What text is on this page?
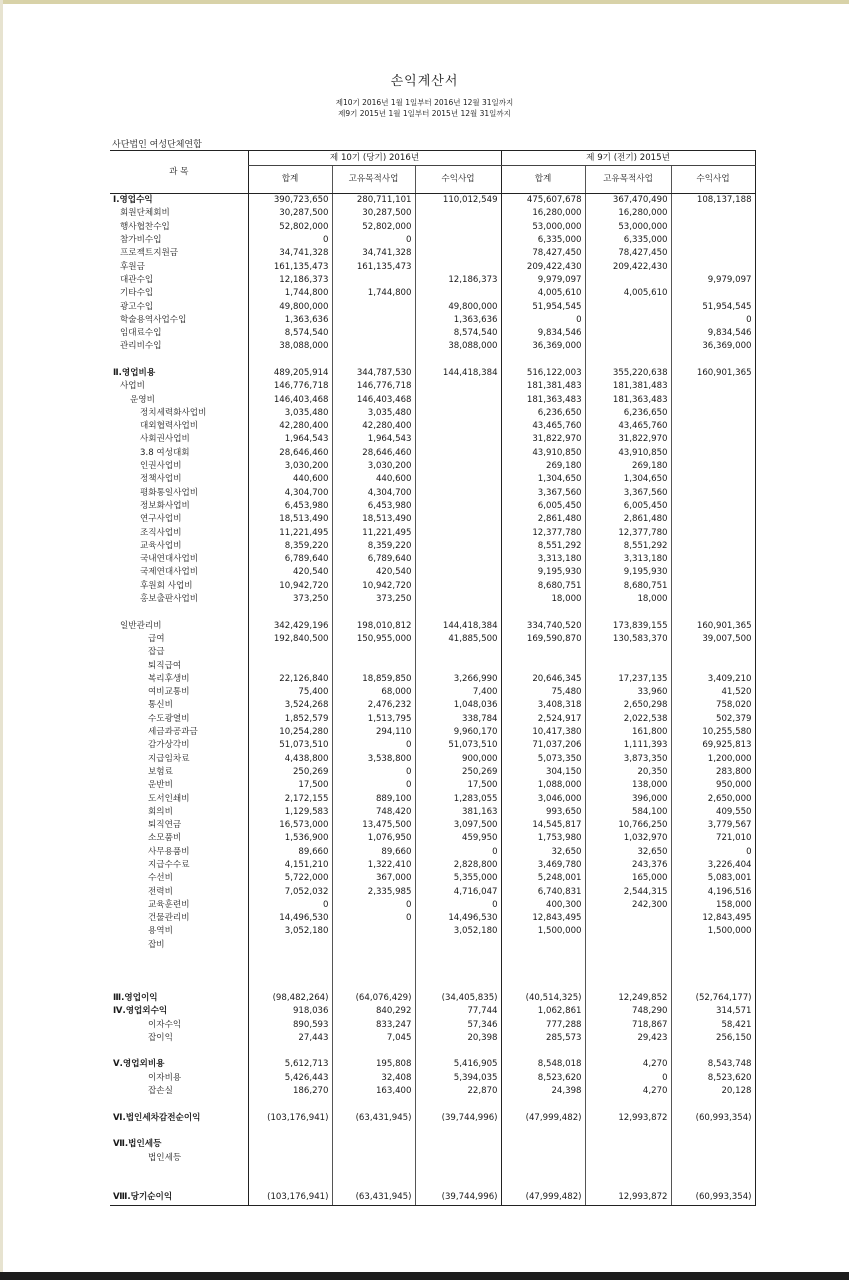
손익계산서
제10기 2016년 1월 1일부터 2016년 12월 31일까지
제9기 2015년 1월 1일부터 2015년 12월 31일까지
사단법인 여성단체연합
과 목	제 10기 (당기) 2016년			제 9기 (전기) 2015년		
	합계	고유목적사업	수익사업	합계	고유목적사업	수익사업
Ⅰ.영업수익	390,723,650	280,711,101	110,012,549	475,607,678	367,470,490	108,137,188
회원단체회비	30,287,500	30,287,500		16,280,000	16,280,000	
행사협찬수입	52,802,000	52,802,000		53,000,000	53,000,000	
참가비수입	0	0		6,335,000	6,335,000	
프로젝트지원금	34,741,328	34,741,328		78,427,450	78,427,450	
후원금	161,135,473	161,135,473		209,422,430	209,422,430	
대관수입	12,186,373		12,186,373	9,979,097		9,979,097
기타수입	1,744,800	1,744,800		4,005,610	4,005,610	
광고수입	49,800,000		49,800,000	51,954,545		51,954,545
학술용역사업수입	1,363,636		1,363,636	0		0
임대료수입	8,574,540		8,574,540	9,834,546		9,834,546
관리비수입	38,088,000		38,088,000	36,369,000		36,369,000

Ⅱ.영업비용	489,205,914	344,787,530	144,418,384	516,122,003	355,220,638	160,901,365
사업비	146,776,718	146,776,718		181,381,483	181,381,483	
운영비	146,403,468	146,403,468		181,363,483	181,363,483	
정치세력화사업비	3,035,480	3,035,480		6,236,650	6,236,650	
대외협력사업비	42,280,400	42,280,400		43,465,760	43,465,760	
사회권사업비	1,964,543	1,964,543		31,822,970	31,822,970	
3.8 여성대회	28,646,460	28,646,460		43,910,850	43,910,850	
인권사업비	3,030,200	3,030,200		269,180	269,180	
정책사업비	440,600	440,600		1,304,650	1,304,650	
평화통일사업비	4,304,700	4,304,700		3,367,560	3,367,560	
정보화사업비	6,453,980	6,453,980		6,005,450	6,005,450	
연구사업비	18,513,490	18,513,490		2,861,480	2,861,480	
조직사업비	11,221,495	11,221,495		12,377,780	12,377,780	
교육사업비	8,359,220	8,359,220		8,551,292	8,551,292	
국내연대사업비	6,789,640	6,789,640		3,313,180	3,313,180	
국제연대사업비	420,540	420,540		9,195,930	9,195,930	
후원회 사업비	10,942,720	10,942,720		8,680,751	8,680,751	
홍보출판사업비	373,250	373,250		18,000	18,000	

일반관리비	342,429,196	198,010,812	144,418,384	334,740,520	173,839,155	160,901,365
급여	192,840,500	150,955,000	41,885,500	169,590,870	130,583,370	39,007,500
잡급						
퇴직급여						
복리후생비	22,126,840	18,859,850	3,266,990	20,646,345	17,237,135	3,409,210
여비교통비	75,400	68,000	7,400	75,480	33,960	41,520
통신비	3,524,268	2,476,232	1,048,036	3,408,318	2,650,298	758,020
수도광열비	1,852,579	1,513,795	338,784	2,524,917	2,022,538	502,379
세금과공과금	10,254,280	294,110	9,960,170	10,417,380	161,800	10,255,580
감가상각비	51,073,510	0	51,073,510	71,037,206	1,111,393	69,925,813
지급임차료	4,438,800	3,538,800	900,000	5,073,350	3,873,350	1,200,000
보험료	250,269	0	250,269	304,150	20,350	283,800
운반비	17,500	0	17,500	1,088,000	138,000	950,000
도서인쇄비	2,172,155	889,100	1,283,055	3,046,000	396,000	2,650,000
회의비	1,129,583	748,420	381,163	993,650	584,100	409,550
퇴직연금	16,573,000	13,475,500	3,097,500	14,545,817	10,766,250	3,779,567
소모품비	1,536,900	1,076,950	459,950	1,753,980	1,032,970	721,010
사무용품비	89,660	89,660	0	32,650	32,650	0
지급수수료	4,151,210	1,322,410	2,828,800	3,469,780	243,376	3,226,404
수선비	5,722,000	367,000	5,355,000	5,248,001	165,000	5,083,001
전력비	7,052,032	2,335,985	4,716,047	6,740,831	2,544,315	4,196,516
교육훈련비	0	0	0	400,300	242,300	158,000
건물관리비	14,496,530	0	14,496,530	12,843,495		12,843,495
용역비	3,052,180		3,052,180	1,500,000		1,500,000
잡비						

Ⅲ.영업이익	(98,482,264)	(64,076,429)	(34,405,835)	(40,514,325)	12,249,852	(52,764,177)
Ⅳ.영업외수익	918,036	840,292	77,744	1,062,861	748,290	314,571
이자수익	890,593	833,247	57,346	777,288	718,867	58,421
잡이익	27,443	7,045	20,398	285,573	29,423	256,150

Ⅴ.영업외비용	5,612,713	195,808	5,416,905	8,548,018	4,270	8,543,748
이자비용	5,426,443	32,408	5,394,035	8,523,620	0	8,523,620
잡손실	186,270	163,400	22,870	24,398	4,270	20,128

Ⅵ.법인세차감전순이익	(103,176,941)	(63,431,945)	(39,744,996)	(47,999,482)	12,993,872	(60,993,354)

Ⅶ.법인세등						
법인세등						

Ⅷ.당기순이익	(103,176,941)	(63,431,945)	(39,744,996)	(47,999,482)	12,993,872	(60,993,354)
